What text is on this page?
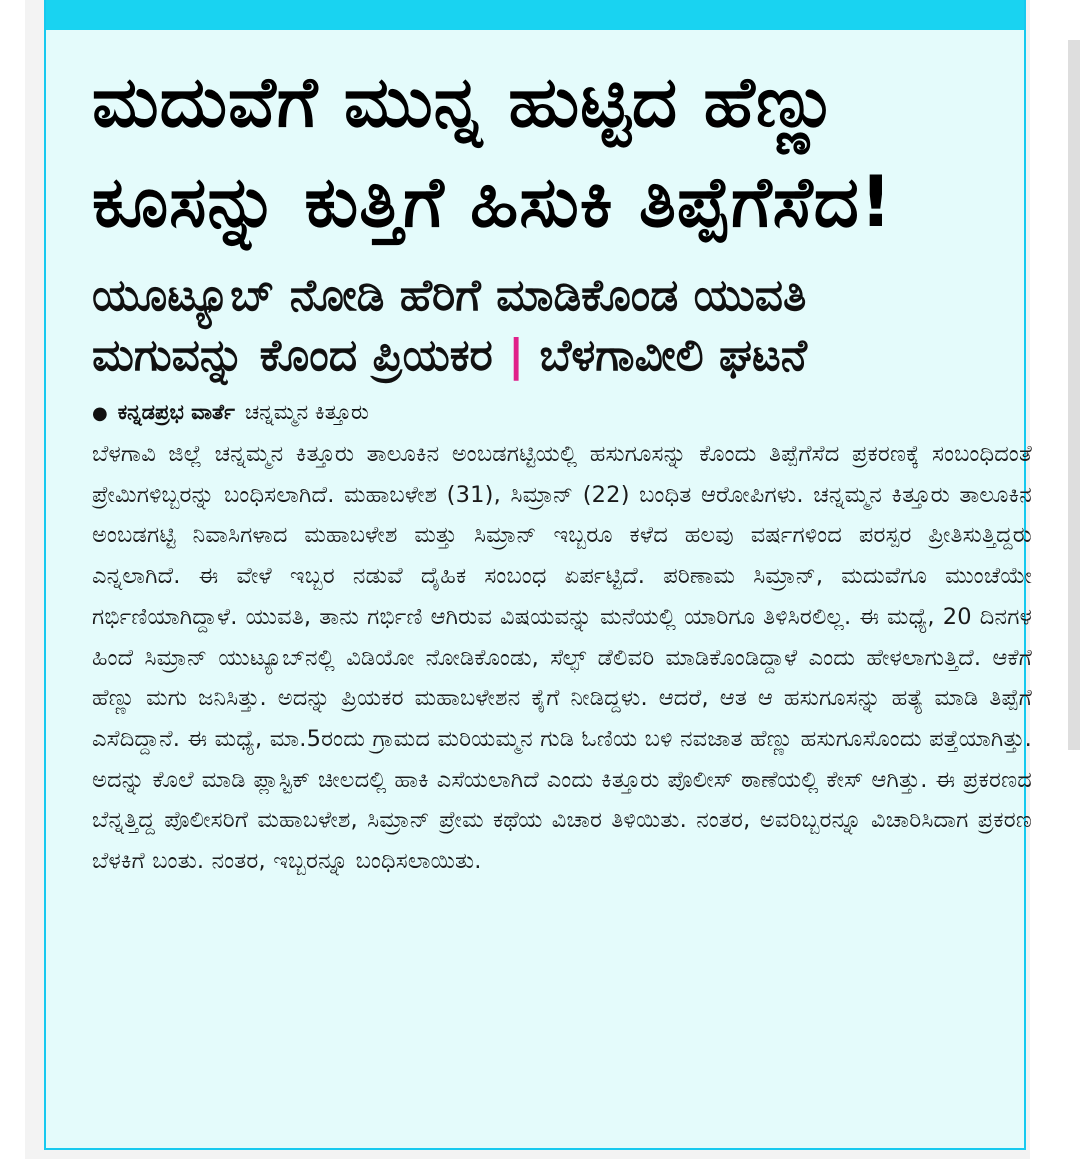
ಮದುವೆಗೆ ಮುನ್ನ ಹುಟ್ಟಿದ ಹೆಣ್ಣು
ಕೂಸನ್ನು ಕುತ್ತಿಗೆ ಹಿಸುಕಿ ತಿಪ್ಪೆಗೆಸೆದ!
ಯೂಟ್ಯೂಬ್ ನೋಡಿ ಹೆರಿಗೆ ಮಾಡಿಕೊಂಡ ಯುವತಿ
ಮಗುವನ್ನು ಕೊಂದ ಪ್ರಿಯಕರ | ಬೆಳಗಾವೀಲಿ ಘಟನೆ
● ಕನ್ನಡಪ್ರಭ ವಾರ್ತೆ ಚನ್ನಮ್ಮನ ಕಿತ್ತೂರು

ಬೆಳಗಾವಿ ಜಿಲ್ಲೆ ಚನ್ನಮ್ಮನ ಕಿತ್ತೂರು ತಾಲೂಕಿನ ಅಂಬಡಗಟ್ಟಿಯಲ್ಲಿ ಹಸುಗೂಸನ್ನು ಕೊಂದು ತಿಪ್ಪೆಗೆಸೆದ ಪ್ರಕರಣಕ್ಕೆ ಸಂಬಂಧಿದಂತೆ ಪ್ರೇಮಿಗಳಿಬ್ಬರನ್ನು ಬಂಧಿಸಲಾಗಿದೆ. ಮಹಾಬಳೇಶ (31), ಸಿಮ್ರಾನ್ (22) ಬಂಧಿತ ಆರೋಪಿಗಳು. ಚನ್ನಮ್ಮನ ಕಿತ್ತೂರು ತಾಲೂಕಿನ ಅಂಬಡಗಟ್ಟಿ ನಿವಾಸಿಗಳಾದ ಮಹಾಬಳೇಶ ಮತ್ತು ಸಿಮ್ರಾನ್ ಇಬ್ಬರೂ ಕಳೆದ ಹಲವು ವರ್ಷಗಳಿಂದ ಪರಸ್ಪರ ಪ್ರೀತಿಸುತ್ತಿದ್ದರು ಎನ್ನಲಾಗಿದೆ. ಈ ವೇಳೆ ಇಬ್ಬರ ನಡುವೆ ದೈಹಿಕ ಸಂಬಂಧ ಏರ್ಪಟ್ಟಿದೆ. ಪರಿಣಾಮ ಸಿಮ್ರಾನ್, ಮದುವೆಗೂ ಮುಂಚೆಯೇ ಗರ್ಭಿಣಿಯಾಗಿದ್ದಾಳೆ. ಯುವತಿ, ತಾನು ಗರ್ಭಿಣಿ ಆಗಿರುವ ವಿಷಯವನ್ನು ಮನೆಯಲ್ಲಿ ಯಾರಿಗೂ ತಿಳಿಸಿರಲಿಲ್ಲ. ಈ ಮಧ್ಯೆ, 20 ದಿನಗಳ ಹಿಂದೆ ಸಿಮ್ರಾನ್ ಯುಟ್ಯೂಬ್‌ನಲ್ಲಿ ವಿಡಿಯೋ ನೋಡಿಕೊಂಡು, ಸೆಲ್ಫ್ ಡೆಲಿವರಿ ಮಾಡಿಕೊಂಡಿದ್ದಾಳೆ ಎಂದು ಹೇಳಲಾಗುತ್ತಿದೆ. ಆಕೆಗೆ ಹೆಣ್ಣು ಮಗು ಜನಿಸಿತ್ತು. ಅದನ್ನು ಪ್ರಿಯಕರ ಮಹಾಬಳೇಶನ ಕೈಗೆ ನೀಡಿದ್ದಳು. ಆದರೆ, ಆತ ಆ ಹಸುಗೂಸನ್ನು ಹತ್ಯೆ ಮಾಡಿ ತಿಪ್ಪೆಗೆ ಎಸೆದಿದ್ದಾನೆ. ಈ ಮಧ್ಯೆ, ಮಾ.5ರಂದು ಗ್ರಾಮದ ಮರಿಯಮ್ಮನ ಗುಡಿ ಓಣಿಯ ಬಳಿ ನವಜಾತ ಹೆಣ್ಣು ಹಸುಗೂಸೊಂದು ಪತ್ತೆಯಾಗಿತ್ತು. ಅದನ್ನು ಕೊಲೆ ಮಾಡಿ ಪ್ಲಾಸ್ಟಿಕ್ ಚೀಲದಲ್ಲಿ ಹಾಕಿ ಎಸೆಯಲಾಗಿದೆ ಎಂದು ಕಿತ್ತೂರು ಪೊಲೀಸ್ ಠಾಣೆಯಲ್ಲಿ ಕೇಸ್ ಆಗಿತ್ತು. ಈ ಪ್ರಕರಣದ ಬೆನ್ನತ್ತಿದ್ದ ಪೊಲೀಸರಿಗೆ ಮಹಾಬಳೇಶ, ಸಿಮ್ರಾನ್ ಪ್ರೇಮ ಕಥೆಯ ವಿಚಾರ ತಿಳಿಯಿತು. ನಂತರ, ಅವರಿಬ್ಬರನ್ನೂ ವಿಚಾರಿಸಿದಾಗ ಪ್ರಕರಣ ಬೆಳಕಿಗೆ ಬಂತು. ನಂತರ, ಇಬ್ಬರನ್ನೂ ಬಂಧಿಸಲಾಯಿತು.
